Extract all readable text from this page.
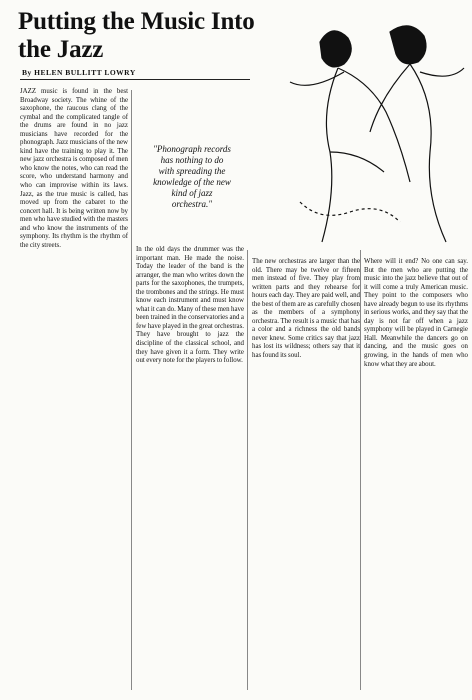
Putting the Music Into the Jazz
By HELEN BULLITT LOWRY

JAZZ music is found in the best Broadway society. The whine of the saxophone, the raucous clang of the cymbal and the complicated tangle of the drums are found in no jazz musicians have recorded for the phonograph. Jazz musicians of the new kind have the training to play it. The new jazz orchestra is composed of men who know the notes, who can read the score, who understand harmony and who can improvise within its laws. Jazz, as the true music is called, has moved up from the cabaret to the concert hall. It is being written now by men who have studied with the masters and who know the instruments of the symphony. Its rhythm is the rhythm of the city streets.

"Phonograph records has nothing to do with spreading the knowledge of the new kind of jazz orchestra."

In the old days the drummer was the important man. He made the noise. Today the leader of the band is the arranger, the man who writes down the parts for the saxophones, the trumpets, the trombones and the strings. He must know each instrument and must know what it can do. Many of these men have been trained in the conservatories and a few have played in the great orchestras. They have brought to jazz the discipline of the classical school, and they have given it a form. They write out every note for the players to follow.

The new orchestras are larger than the old. There may be twelve or fifteen men instead of five. They play from written parts and they rehearse for hours each day. They are paid well, and the best of them are as carefully chosen as the members of a symphony orchestra. The result is a music that has a color and a richness the old bands never knew. Some critics say that jazz has lost its wildness; others say that it has found its soul.

Where will it end? No one can say. But the men who are putting the music into the jazz believe that out of it will come a truly American music. They point to the composers who have already begun to use its rhythms in serious works, and they say that the day is not far off when a jazz symphony will be played in Carnegie Hall. Meanwhile the dancers go on dancing, and the music goes on growing, in the hands of men who know what they are about.
